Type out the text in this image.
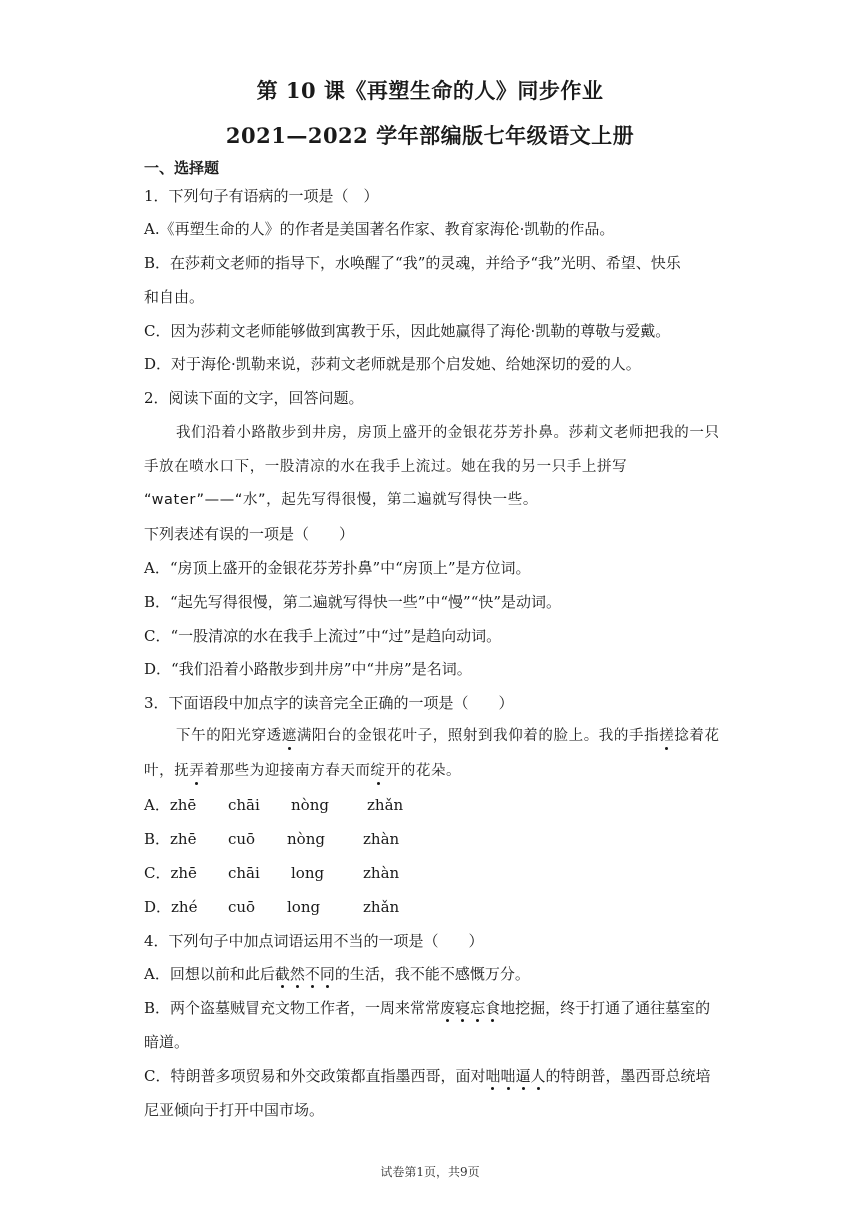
第 10 课《再塑生命的人》同步作业
2021—2022 学年部编版七年级语文上册
一、选择题
1．下列句子有语病的一项是（　）
A.《再塑生命的人》的作者是美国著名作家、教育家海伦·凯勒的作品。
B．在莎莉文老师的指导下，水唤醒了“我”的灵魂，并给予“我”光明、希望、快乐
和自由。
C．因为莎莉文老师能够做到寓教于乐，因此她赢得了海伦·凯勒的尊敬与爱戴。
D．对于海伦·凯勒来说，莎莉文老师就是那个启发她、给她深切的爱的人。
2．阅读下面的文字，回答问题。
我们沿着小路散步到井房，房顶上盛开的金银花芬芳扑鼻。莎莉文老师把我的一只
手放在喷水口下，一股清凉的水在我手上流过。她在我的另一只手上拼写
“water”——“水”，起先写得很慢，第二遍就写得快一些。
下列表述有误的一项是（　　）
A．“房顶上盛开的金银花芬芳扑鼻”中“房顶上”是方位词。
B．“起先写得很慢，第二遍就写得快一些”中“慢”“快”是动词。
C．“一股清凉的水在我手上流过”中“过”是趋向动词。
D．“我们沿着小路散步到井房”中“井房”是名词。
3．下面语段中加点字的读音完全正确的一项是（　　）
下午的阳光穿透遮满阳台的金银花叶子，照射到我仰着的脸上。我的手指搓捻着花
叶，抚弄着那些为迎接南方春天而绽开的花朵。
A．zhē chāi nòng	zhǎn
B．zhē cuō nòng	zhàn
C．zhē chāi long	zhàn
D．zhé cuō long	zhǎn
4．下列句子中加点词语运用不当的一项是（　　）
A．回想以前和此后截然不同的生活，我不能不感慨万分。
B．两个盗墓贼冒充文物工作者，一周来常常废寝忘食地挖掘，终于打通了通往墓室的
暗道。
C．特朗普多项贸易和外交政策都直指墨西哥，面对咄咄逼人的特朗普，墨西哥总统培
尼亚倾向于打开中国市场。
试卷第1页，共9页
